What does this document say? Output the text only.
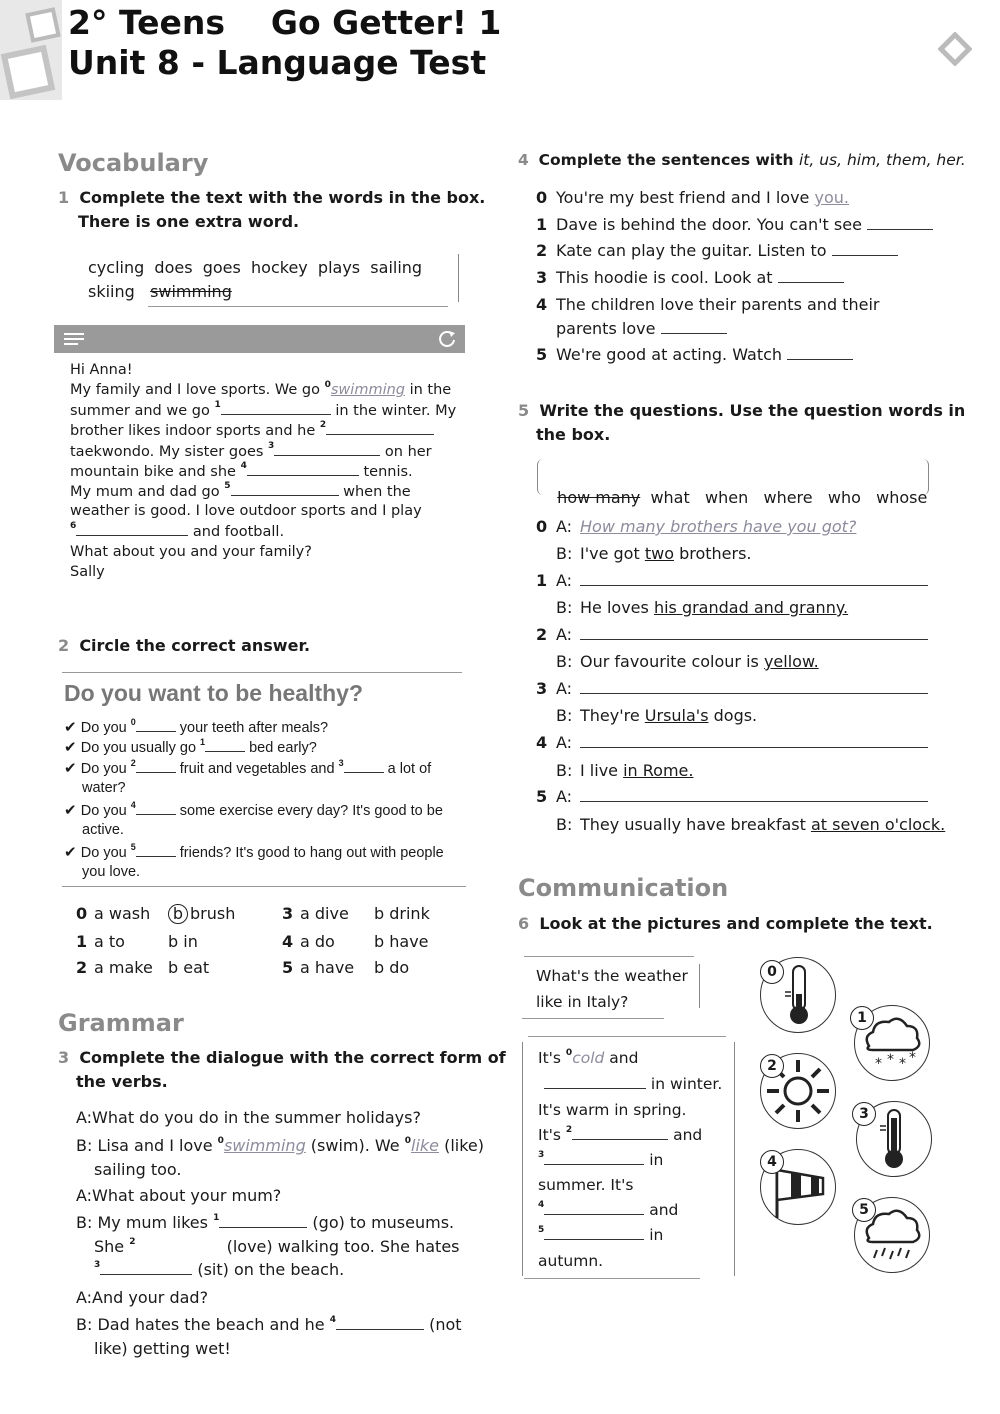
2° Teens    Go Getter! 1
Unit 8 - Language Test
Vocabulary
1 Complete the text with the words in the box.
There is one extra word.
cycling  does  goes  hockey  plays  sailing
skiing swimming
Hi Anna!
My family and I love sports. We go $^0$swimming in the
summer and we go $^1$	in the winter. My
brother likes indoor sports and he $^2$
taekwondo. My sister goes $^3$	on her
mountain bike and she $^4$	tennis.
My mum and dad go $^5$	when the
weather is good. I love outdoor sports and I play
$^6$	and football.
What about you and your family?
Sally
2 Circle the correct answer.
Do you want to be healthy?
✔ Do you $^0$	your teeth after meals?
✔ Do you usually go $^1$	bed early?
✔ Do you $^2$	fruit and vegetables and $^3$	a lot of
water?
✔ Do you $^4$	some exercise every day? It's good to be
active.
✔ Do you $^5$	friends? It's good to hang out with people
you love.
0 a wash b brush
1 a to	b in
2 a make b eat
3 a dive b drink
4 a do b have
5 a have b do
Grammar
3 Complete the dialogue with the correct form of
the verbs.
A:What do you do in the summer holidays?
B: Lisa and I love $^0$swimming (swim). We $^0$like (like)
sailing too.
A:What about your mum?
B: My mum likes $^1$	(go) to museums.
She $^2$	(love) walking too. She hates
$^3$	(sit) on the beach.
A:And your dad?
B: Dad hates the beach and he $^4$	(not
like) getting wet!
4 Complete the sentences with it, us, him, them, her.
0 You're my best friend and I love you.
1 Dave is behind the door. You can't see
2 Kate can play the guitar. Listen to
3 This hoodie is cool. Look at
4 The children love their parents and their
parents love
5 We're good at acting. Watch
5 Write the questions. Use the question words in
the box.

how many  what   when   where   who   whose

0 A: How many brothers have you got?
B: I've got two brothers.
1 A:
B: He loves his grandad and granny.
2 A:
B: Our favourite colour is yellow.
3 A:
B: They're Ursula's dogs.
4 A:
B: I live in Rome.
5 A:
B: They usually have breakfast at seven o'clock.
Communication
6 Look at the pictures and complete the text.
What's the weather
like in Italy?
It's $^0$cold and
in winter.
It's warm in spring.
It's $^2$	and
$^3$	in
summer. It's
$^4$	and
$^5$	in
autumn.
* * * *
0
1
2
3
4
5
